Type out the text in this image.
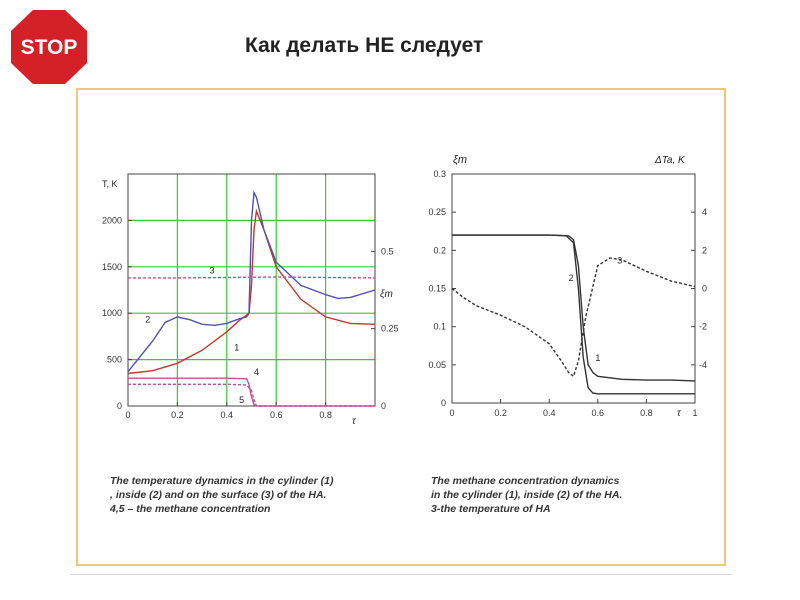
STOP	Как делать НЕ следует
0	0.2	0.4	0.6	0.8
0
500
1000
1500
2000
0
0.25
0.5
1
2
3
4
5
T, K
τ
ξm
0	0.2	0.4	0.6	0.8	1
0
0.05
0.1
0.15
0.2
0.25
0.3
-4
-2
0
2
4
1
2
3
ξm	ΔTa, K
τ
The temperature dynamics in the cylinder (1)
, inside (2) and on the surface (3) of the HA.
4,5 – the methane concentration
The methane concentration dynamics
in the cylinder (1), inside (2) of the HA.
3-the temperature of HA
